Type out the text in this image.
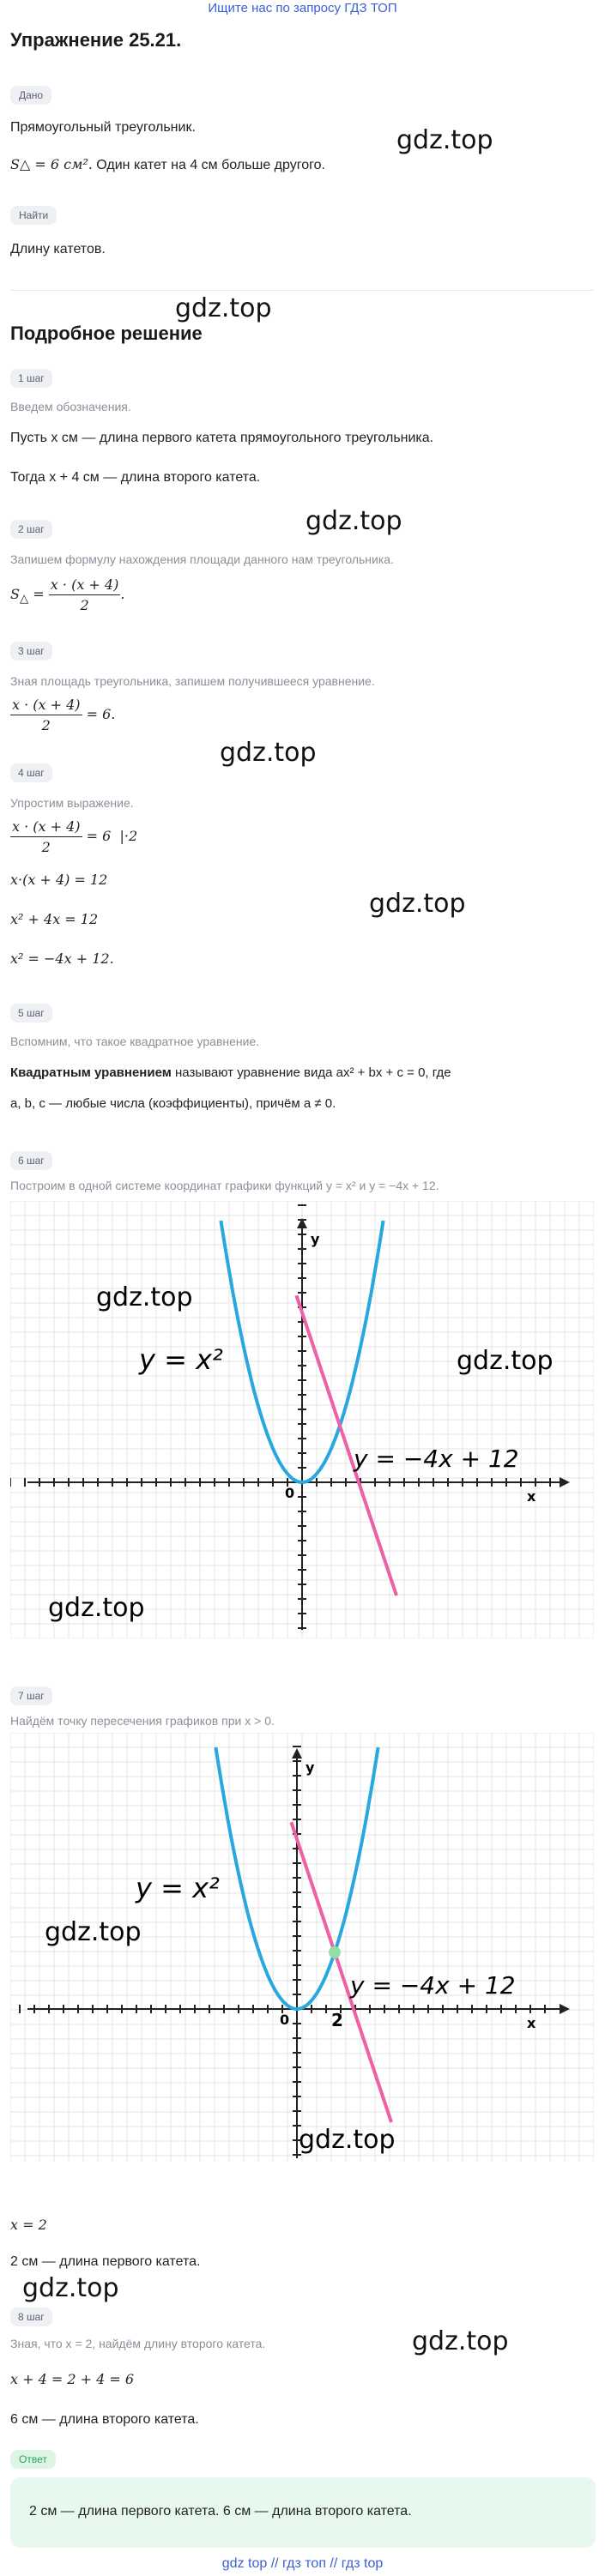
Ищите нас по запросу ГДЗ ТОП
Упражнение 25.21.
Дано
Прямоугольный треугольник.
S△ = 6 см². Один катет на 4 см больше другого.
gdz.top
Найти
Длину катетов.
gdz.top
Подробное решение
1 шаг
Введем обозначения.
Пусть x см — длина первого катета прямоугольного треугольника.
Тогда x + 4 см — длина второго катета.
2 шаг	gdz.top
Запишем формулу нахождения площади данного нам треугольника.
$S_\triangle = \frac{x \cdot (x + 4)}{2}$ .
3 шаг
Зная площадь треугольника, запишем получившееся уравнение.
$\frac{x \cdot (x + 4)}{2} = 6$.
4 шаг
gdz.top
Упростим выражение.
$\frac{x \cdot (x + 4)}{2} = 6$  |·2
x·(x + 4) = 12
x² + 4x = 12
x² = −4x + 12.
gdz.top
5 шаг
Вспомним, что такое квадратное уравнение.
Квадратным уравнением называют уравнение вида ax² + bx + c = 0, где
a, b, c — любые числа (коэффициенты), причём a ≠ 0.
6 шаг
Построим в одной системе координат графики функций y = x² и y = −4x + 12.
y
x
0
y = x²
y = −4x + 12
gdz.top
gdz.top
gdz.top
7 шаг
Найдём точку пересечения графиков при x > 0.
y
x
0 2
y = x²
y = −4x + 12
gdz.top
gdz.top
x = 2
2 см — длина первого катета.
gdz.top
8 шаг
gdz.top
Зная, что x = 2, найдём длину второго катета.
x + 4 = 2 + 4 = 6
6 см — длина второго катета.
Ответ
2 см — длина первого катета. 6 см — длина второго катета.
gdz top // гдз топ // гдз top
